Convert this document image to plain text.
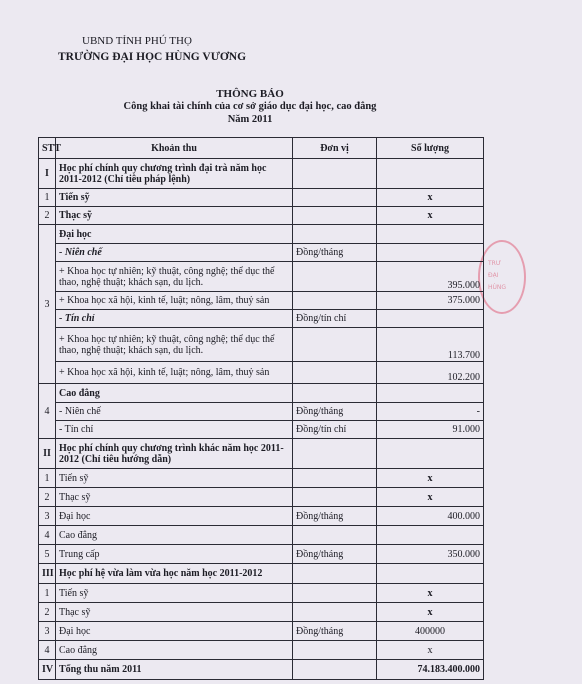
UBND TỈNH PHÚ THỌ
TRƯỜNG ĐẠI HỌC HÙNG VƯƠNG
THÔNG BÁO
Công khai tài chính của cơ sở giáo dục đại học, cao đẳng
Năm 2011
TRƯ
ĐẠI
HÙNG
STT	Khoản thu	Đơn vị	Số lượng
I	Học phí chính quy chương trình đại trà năm học 2011-2012 (Chỉ tiêu pháp lệnh)		
1	Tiến sỹ		x
2	Thạc sỹ		x
3	Đại học		
	- Niên chế	Đồng/tháng	
	+ Khoa học tự nhiên; kỹ thuật, công nghệ; thể dục thể thao, nghệ thuật; khách sạn, du lịch.		395.000
	+ Khoa học xã hội, kinh tế, luật; nông, lâm, thuỷ sản		375.000
	- Tín chỉ	Đồng/tín chỉ	
	+ Khoa học tự nhiên; kỹ thuật, công nghệ; thể dục thể thao, nghệ thuật; khách sạn, du lịch.		113.700
	+ Khoa học xã hội, kinh tế, luật; nông, lâm, thuỷ sản		102.200
4	Cao đẳng		
	- Niên chế	Đồng/tháng	-
	- Tín chỉ	Đồng/tín chỉ	91.000
II	Học phí chính quy chương trình khác năm học 2011-2012 (Chỉ tiêu hướng dẫn)		
1	Tiến sỹ		x
2	Thạc sỹ		x
3	Đại học	Đồng/tháng	400.000
4	Cao đẳng		
5	Trung cấp	Đồng/tháng	350.000
III	Học phí hệ vừa làm vừa học năm học 2011-2012		
1	Tiến sỹ		x
2	Thạc sỹ		x
3	Đại học	Đồng/tháng	400000
4	Cao đẳng		x
IV	Tổng thu năm 2011		74.183.400.000
